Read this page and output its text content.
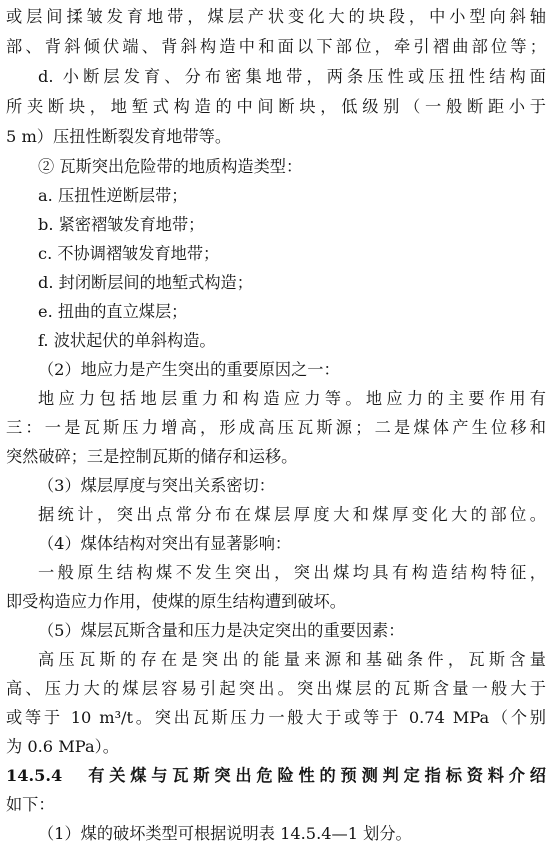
或层间揉皱发育地带，煤层产状变化大的块段，中小型向斜轴
部、背斜倾伏端、背斜构造中和面以下部位，牵引褶曲部位等；
d. 小断层发育、分布密集地带，两条压性或压扭性结构面
所夹断块，地堑式构造的中间断块，低级别（一般断距小于
5 m）压扭性断裂发育地带等。
② 瓦斯突出危险带的地质构造类型：
a. 压扭性逆断层带；
b. 紧密褶皱发育地带；
c. 不协调褶皱发育地带；
d. 封闭断层间的地堑式构造；
e. 扭曲的直立煤层；
f. 波状起伏的单斜构造。
（2）地应力是产生突出的重要原因之一：
地应力包括地层重力和构造应力等。地应力的主要作用有
三：一是瓦斯压力增高，形成高压瓦斯源；二是煤体产生位移和
突然破碎；三是控制瓦斯的储存和运移。
（3）煤层厚度与突出关系密切：
据统计，突出点常分布在煤层厚度大和煤厚变化大的部位。
（4）煤体结构对突出有显著影响：
一般原生结构煤不发生突出，突出煤均具有构造结构特征，
即受构造应力作用，使煤的原生结构遭到破坏。
（5）煤层瓦斯含量和压力是决定突出的重要因素：
高压瓦斯的存在是突出的能量来源和基础条件，瓦斯含量
高、压力大的煤层容易引起突出。突出煤层的瓦斯含量一般大于
或等于 10 m³/t。突出瓦斯压力一般大于或等于 0.74 MPa（个别
为 0.6 MPa）。
14.5.4　有关煤与瓦斯突出危险性的预测判定指标资料介绍
如下：
（1）煤的破坏类型可根据说明表 14.5.4—1 划分。
